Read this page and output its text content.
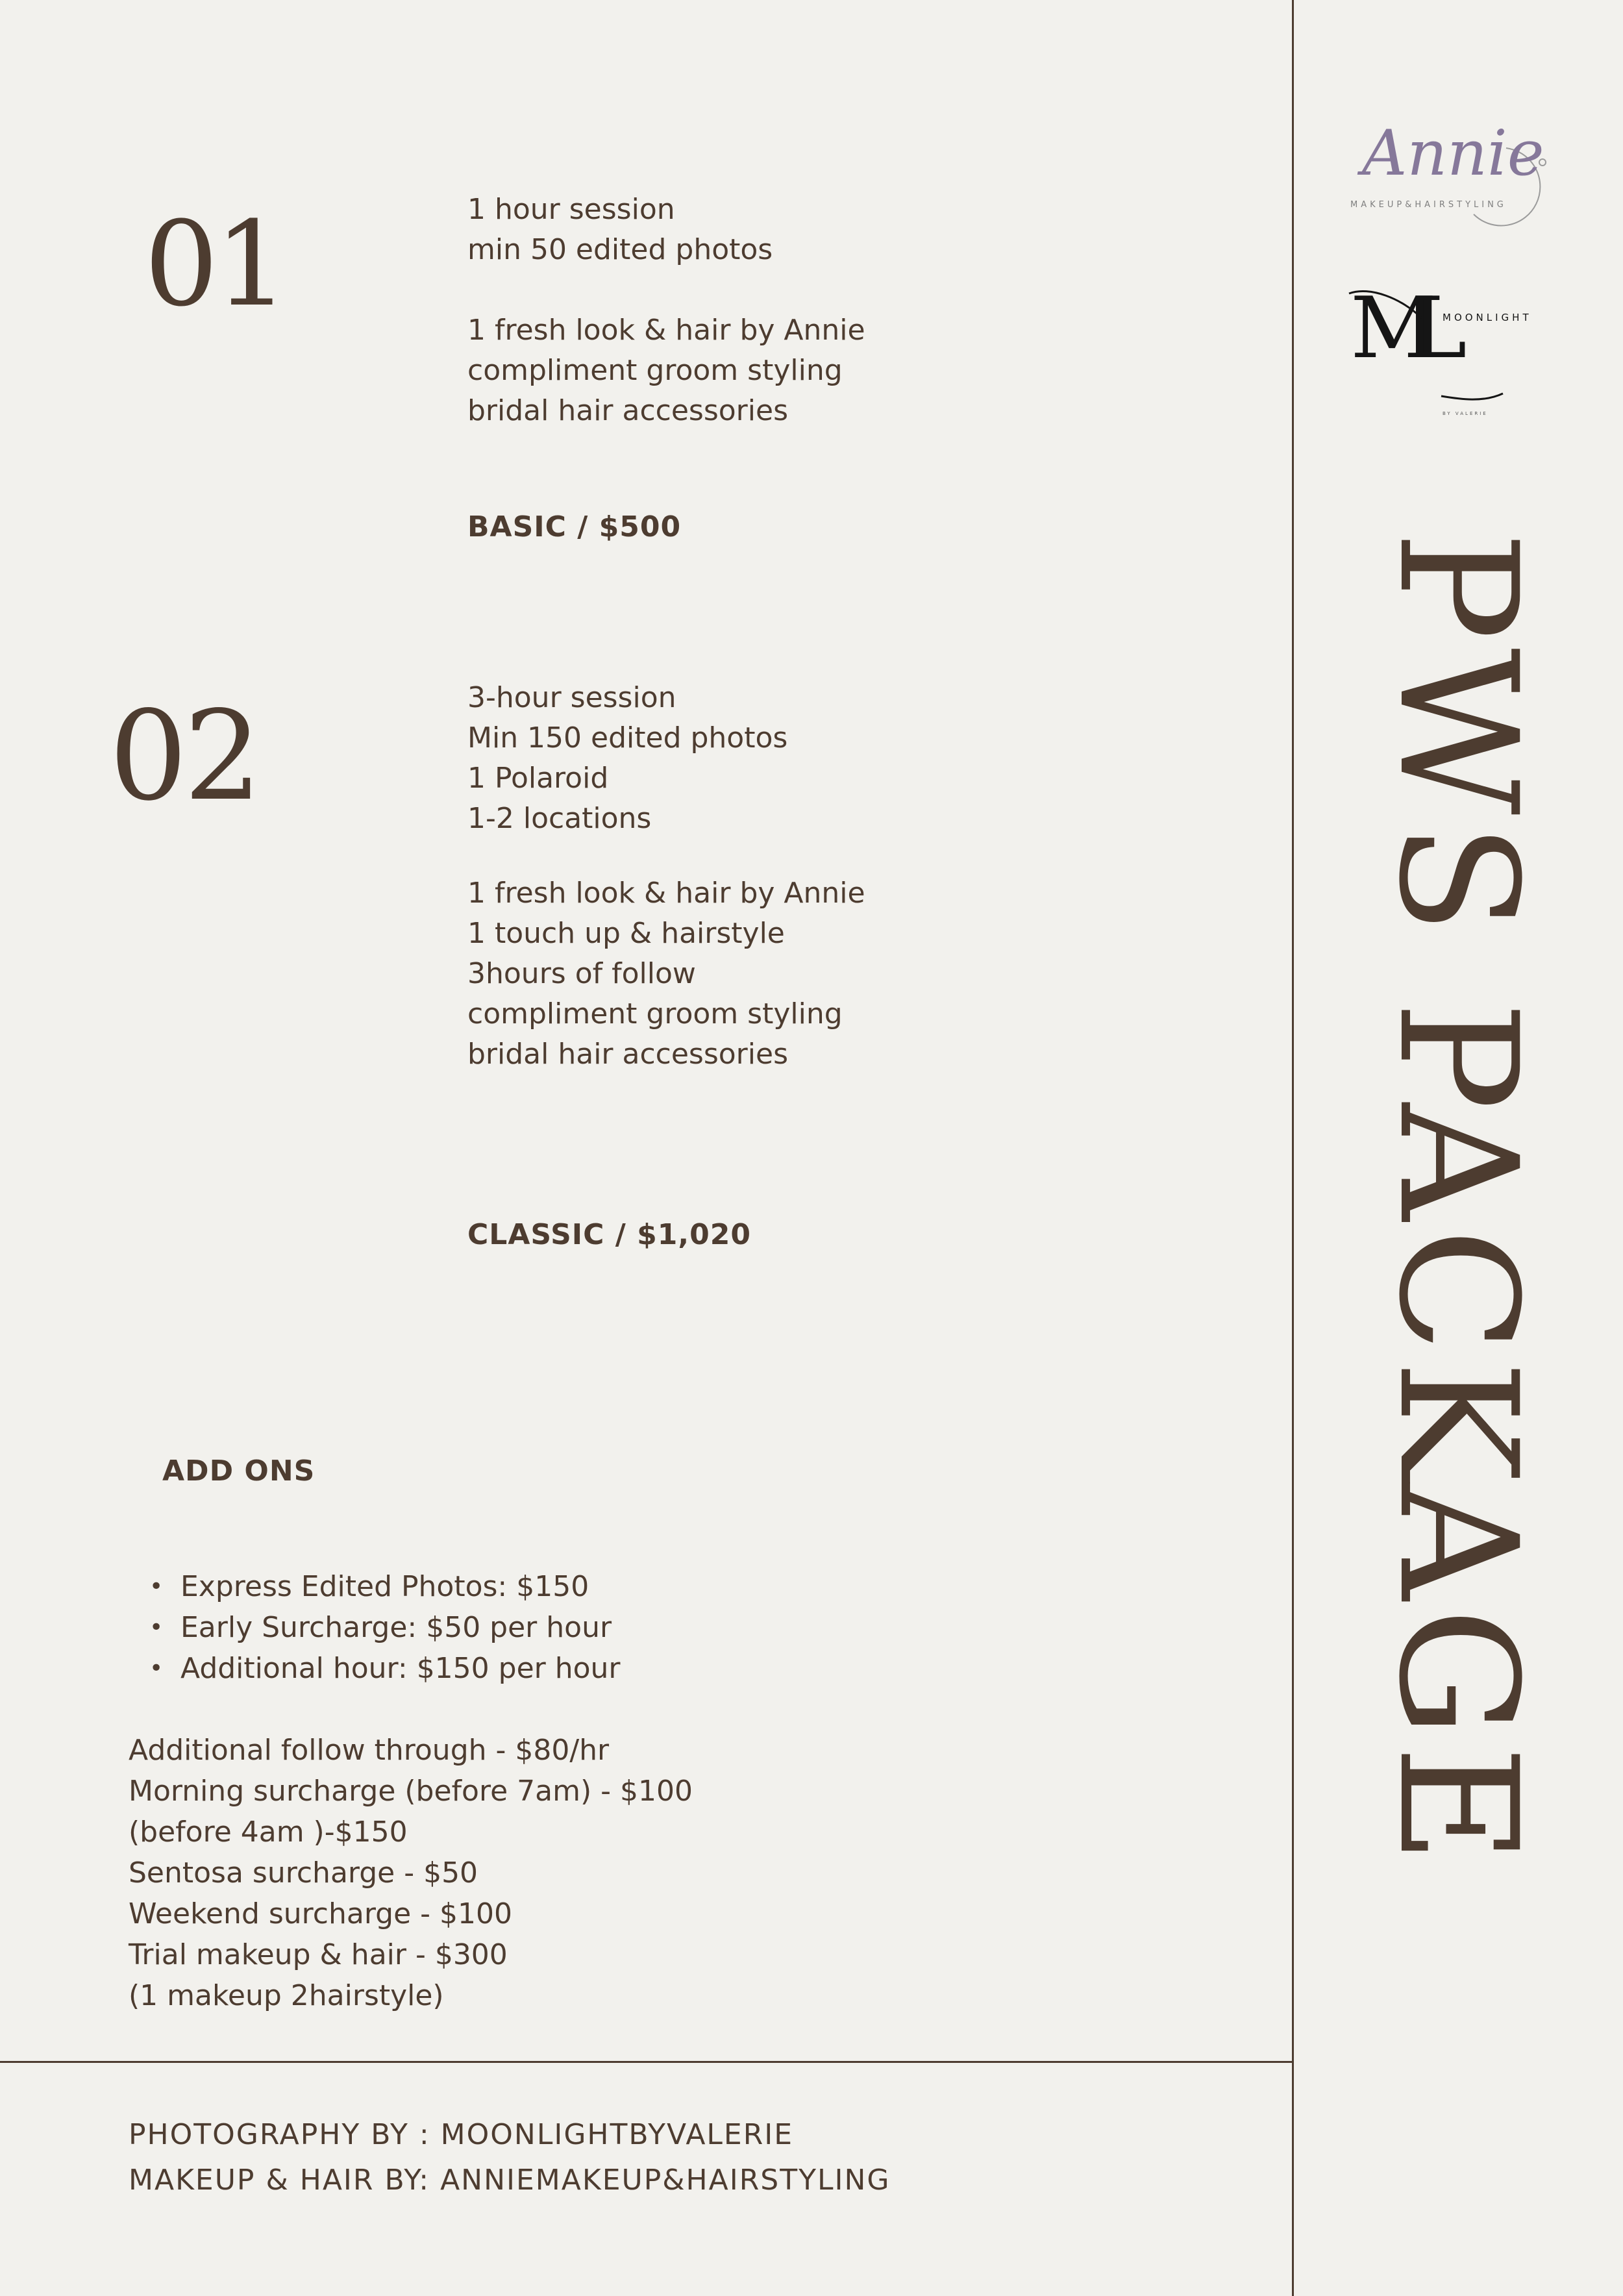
01	1 hour session
min 50 edited photos
1 fresh look & hair by Annie
compliment groom styling
bridal hair accessories
BASIC / $500
02	3-hour session
Min 150 edited photos
1 Polaroid
1-2 locations
1 fresh look & hair by Annie
1 touch up & hairstyle
3hours of follow
compliment groom styling
bridal hair accessories
CLASSIC / $1,020
ADD ONS
• Express Edited Photos: $150
• Early Surcharge: $50 per hour
• Additional hour: $150 per hour
Additional follow through - $80/hr
Morning surcharge (before 7am) - $100
(before 4am )-$150
Sentosa surcharge - $50
Weekend surcharge - $100
Trial makeup & hair - $300
(1 makeup 2hairstyle)
PHOTOGRAPHY BY : MOONLIGHTBYVALERIE
MAKEUP & HAIR BY: ANNIEMAKEUP&HAIRSTYLING
Annie
MAKEUP&HAIRSTYLING
ML MOONLIGHT
BY VALERIE
PWS PACKAGE
